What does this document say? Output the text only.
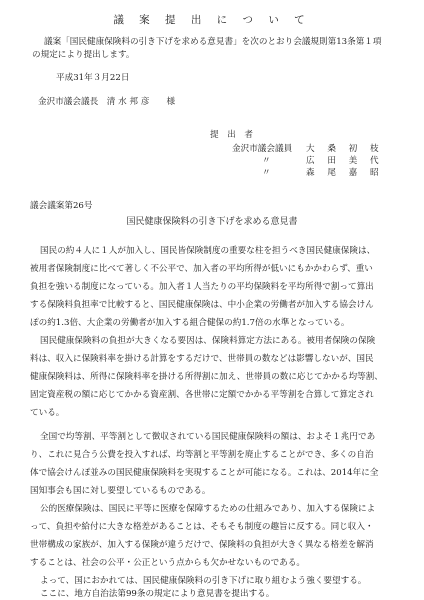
議 案 提 出 に つ い て
議案「国民健康保険料の引き下げを求める意見書」を次のとおり会議規則第13条第１項
の規定により提出します。
平成31年３月22日
金沢市議会議長　清 水 邦 彦　　様
提　出　者
金沢市議会議員 大 桑 初 枝
〃	広 田 美 代
〃	森 尾 嘉 昭
議会議案第26号
国民健康保険料の引き下げを求める意見書
国民の約４人に１人が加入し、国民皆保険制度の重要な柱を担うべき国民健康保険は、
被用者保険制度に比べて著しく不公平で、加入者の平均所得が低いにもかかわらず、重い
負担を強いる制度になっている。加入者１人当たりの平均保険料を平均所得で割って算出
する保険料負担率で比較すると、国民健康保険は、中小企業の労働者が加入する協会けん
ぽの約1.3倍、大企業の労働者が加入する組合健保の約1.7倍の水準となっている。
国民健康保険料の負担が大きくなる要因は、保険料算定方法にある。被用者保険の保険
料は、収入に保険料率を掛ける計算をするだけで、世帯員の数などは影響しないが、国民
健康保険料は、所得に保険料率を掛ける所得割に加え、世帯員の数に応じてかかる均等割、
固定資産税の額に応じてかかる資産割、各世帯に定額でかかる平等割を合算して算定され
ている。
全国で均等割、平等割として徴収されている国民健康保険料の額は、およそ１兆円であ
り、これに見合う公費を投入すれば、均等割と平等割を廃止することができ、多くの自治
体で協会けんぽ並みの国民健康保険料を実現することが可能になる。これは、2014年に全
国知事会も国に対し要望しているものである。
公的医療保険は、国民に平等に医療を保障するための仕組みであり、加入する保険によ
って、負担や給付に大きな格差があることは、そもそも制度の趣旨に反する。同じ収入・
世帯構成の家族が、加入する保険が違うだけで、保険料の負担が大きく異なる格差を解消
することは、社会の公平・公正という点からも欠かせないものである。
よって、国におかれては、国民健康保険料の引き下げに取り組むよう強く要望する。
ここに、地方自治法第99条の規定により意見書を提出する。
